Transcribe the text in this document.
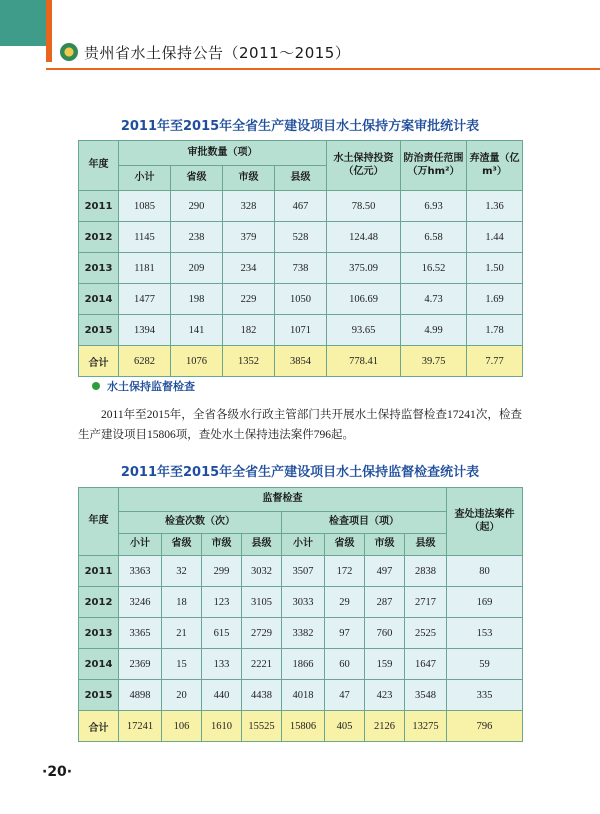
贵州省水土保持公告（2011～2015）
2011年至2015年全省生产建设项目水土保持方案审批统计表
年度	审批数量（项）				水土保持投资（亿元）	防治责任范围（万hm²）	弃渣量（亿m³）
	小计	省级	市级	县级			
2011	1085	290	328	467	78.50	6.93	1.36
2012	1145	238	379	528	124.48	6.58	1.44
2013	1181	209	234	738	375.09	16.52	1.50
2014	1477	198	229	1050	106.69	4.73	1.69
2015	1394	141	182	1071	93.65	4.99	1.78
合计	6282	1076	1352	3854	778.41	39.75	7.77
水土保持监督检查
2011年至2015年，全省各级水行政主管部门共开展水土保持监督检查17241次，检查生产建设项目15806项，查处水土保持违法案件796起。
2011年至2015年全省生产建设项目水土保持监督检查统计表
年度	监督检查								查处违法案件（起）
	检查次数（次）				检查项目（项）				
	小计	省级	市级	县级	小计	省级	市级	县级	
2011	3363	32	299	3032	3507	172	497	2838	80
2012	3246	18	123	3105	3033	29	287	2717	169
2013	3365	21	615	2729	3382	97	760	2525	153
2014	2369	15	133	2221	1866	60	159	1647	59
2015	4898	20	440	4438	4018	47	423	3548	335
合计	17241	106	1610	15525	15806	405	2126	13275	796
·20·
